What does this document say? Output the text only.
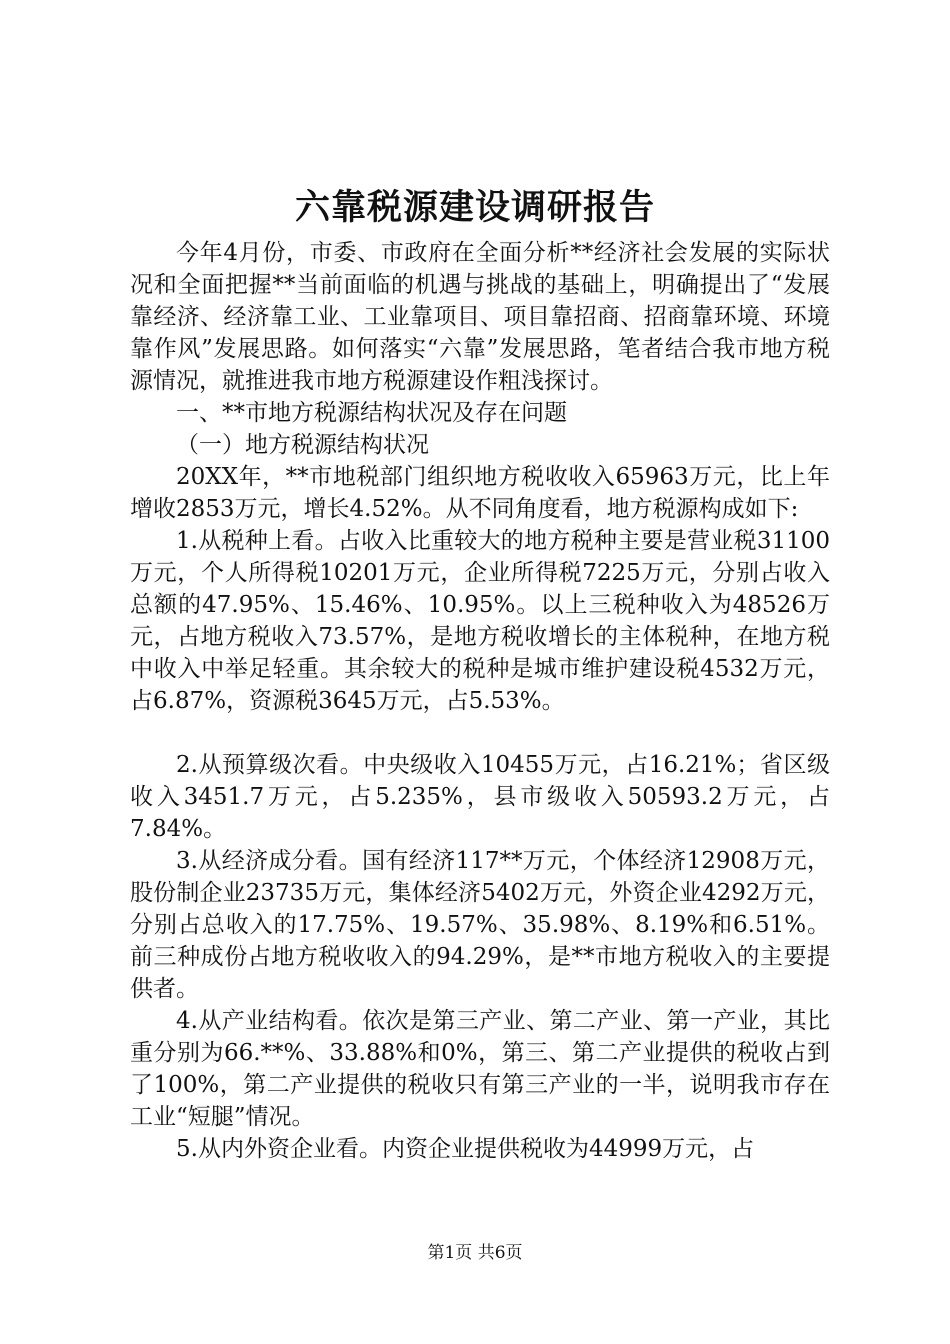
六靠税源建设调研报告

今年4月份，市委、市政府在全面分析**经济社会发展的实际状况和全面把握**当前面临的机遇与挑战的基础上，明确提出了“发展靠经济、经济靠工业、工业靠项目、项目靠招商、招商靠环境、环境靠作风”发展思路。如何落实“六靠”发展思路，笔者结合我市地方税源情况，就推进我市地方税源建设作粗浅探讨。

一、**市地方税源结构状况及存在问题

（一）地方税源结构状况

20XX年，**市地税部门组织地方税收收入65963万元，比上年增收2853万元，增长4.52%。从不同角度看，地方税源构成如下:

1.从税种上看。占收入比重较大的地方税种主要是营业税31100万元，个人所得税10201万元，企业所得税7225万元，分别占收入总额的47.95%、15.46%、10.95%。以上三税种收入为48526万元，占地方税收入73.57%，是地方税收增长的主体税种，在地方税中收入中举足轻重。其余较大的税种是城市维护建设税4532万元，占6.87%，资源税3645万元，占5.53%。

2.从预算级次看。中央级收入10455万元，占16.21%；省区级收入3451.7万元，占5.235%，县市级收入50593.2万元，占7.84%。

3.从经济成分看。国有经济117**万元，个体经济12908万元，股份制企业23735万元，集体经济5402万元，外资企业4292万元，分别占总收入的17.75%、19.57%、35.98%、8.19%和6.51%。前三种成份占地方税收收入的94.29%，是**市地方税收入的主要提供者。

4.从产业结构看。依次是第三产业、第二产业、第一产业，其比重分别为66.**%、33.88%和0%，第三、第二产业提供的税收占到了100%，第二产业提供的税收只有第三产业的一半，说明我市存在工业“短腿”情况。

5.从内外资企业看。内资企业提供税收为44999万元，占

第1页 共6页
